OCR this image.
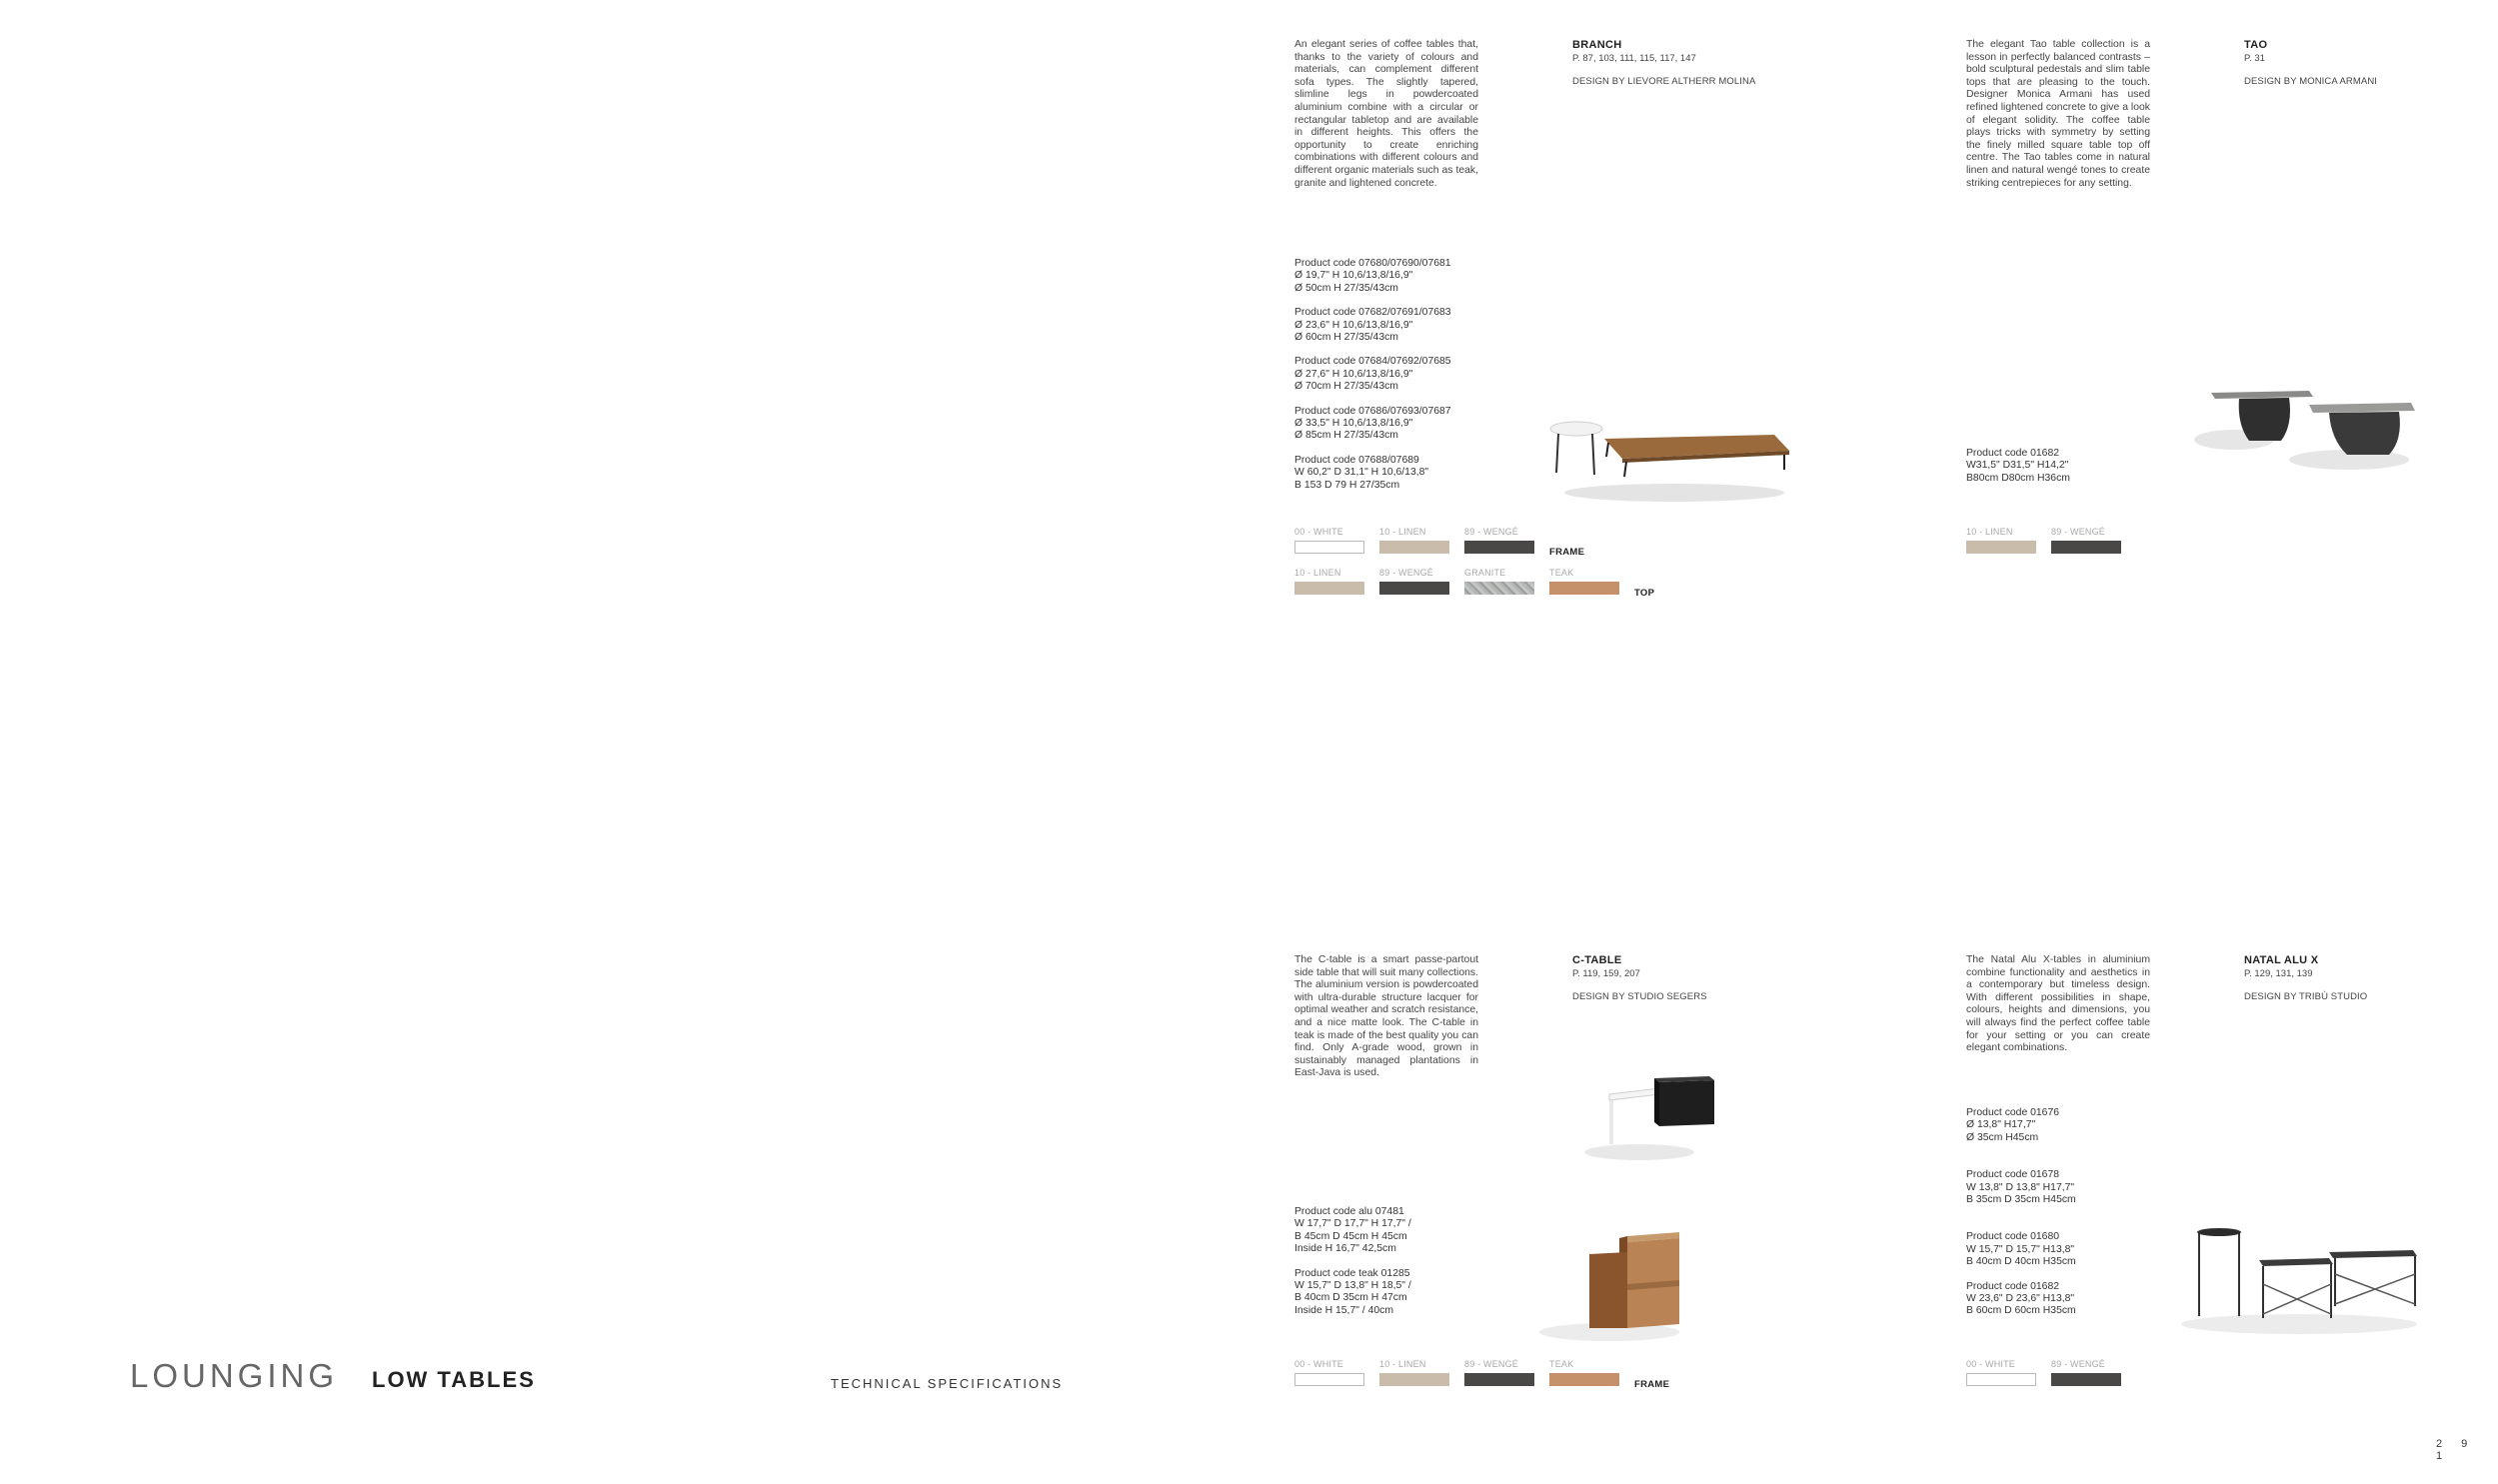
An elegant series of coffee tables that, thanks to the variety of colours and materials, can complement different sofa types. The slightly tapered, slimline legs in powdercoated aluminium combine with a circular or rectangular tabletop and are available in different heights. This offers the opportunity to create enriching combinations with different colours and different organic materials such as teak, granite and lightened concrete.
BRANCH
P. 87, 103, 111, 115, 117, 147
DESIGN BY LIEVORE ALTHERR MOLINA
Product code 07680/07690/07681
Ø 19,7" H 10,6/13,8/16,9"
Ø 50cm H 27/35/43cm
Product code 07682/07691/07683
Ø 23,6" H 10,6/13,8/16,9"
Ø 60cm H 27/35/43cm
Product code 07684/07692/07685
Ø 27,6" H 10,6/13,8/16,9"
Ø 70cm H 27/35/43cm
Product code 07686/07693/07687
Ø 33,5" H 10,6/13,8/16,9"
Ø 85cm H 27/35/43cm
Product code 07688/07689
W 60,2" D 31,1" H 10,6/13,8"
B 153 D 79 H 27/35cm
00 - WHITE	10 - LINEN	89 - WENGÉ
FRAME
10 - LINEN	89 - WENGÉ	GRANITE	TEAK
TOP
The elegant Tao table collection is a lesson in perfectly balanced contrasts – bold sculptural pedestals and slim table tops that are pleasing to the touch. Designer Monica Armani has used refined lightened concrete to give a look of elegant solidity. The coffee table plays tricks with symmetry by setting the finely milled square table top off centre. The Tao tables come in natural linen and natural wengé tones to create striking centrepieces for any setting.
TAO
P. 31
DESIGN BY MONICA ARMANI
Product code 01682
W31,5" D31,5" H14,2"
B80cm D80cm H36cm
10 - LINEN	89 - WENGÉ
The C-table is a smart passe-partout side table that will suit many collections. The aluminium version is powdercoated with ultra-durable structure lacquer for optimal weather and scratch resistance, and a nice matte look. The C-table in teak is made of the best quality you can find. Only A-grade wood, grown in sustainably managed plantations in East-Java is used.
C-TABLE
P. 119, 159, 207
DESIGN BY STUDIO SEGERS
Product code alu 07481
W 17,7" D 17,7" H 17,7" /
B 45cm D 45cm H 45cm
Inside H 16,7" 42,5cm
Product code teak 01285
W 15,7" D 13,8" H 18,5" /
B 40cm D 35cm H 47cm
Inside H 15,7" / 40cm
00 - WHITE	10 - LINEN	89 - WENGÉ	TEAK
FRAME
The Natal Alu X-tables in aluminium combine functionality and aesthetics in a contemporary but timeless design. With different possibilities in shape, colours, heights and dimensions, you will always find the perfect coffee table for your setting or you can create elegant combinations.
NATAL ALU X
P. 129, 131, 139
DESIGN BY TRIBÙ STUDIO
Product code 01676
Ø 13,8" H17,7"
Ø 35cm H45cm
Product code 01678
W 13,8" D 13,8" H17,7"
B 35cm D 35cm H45cm
Product code 01680
W 15,7" D 15,7" H13,8"
B 40cm D 40cm H35cm
Product code 01682
W 23,6" D 23,6" H13,8"
B 60cm D 60cm H35cm
00 - WHITE	89 - WENGÉ
LOUNGING LOW TABLES	TECHNICAL SPECIFICATIONS
2 9 1
